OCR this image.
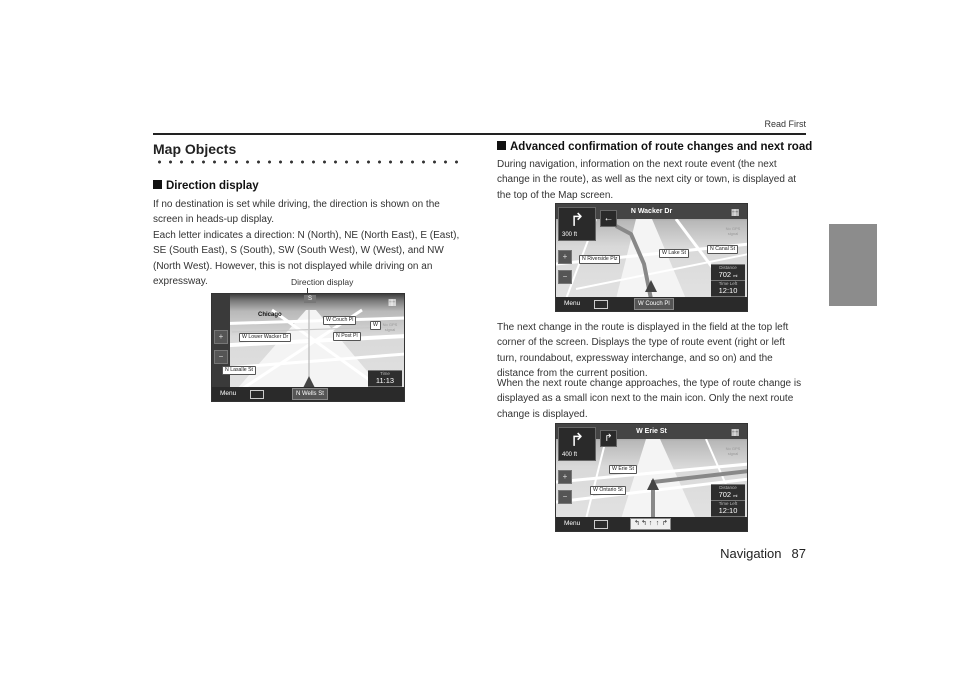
Read First
Map Objects
Direction display
If no destination is set while driving, the direction is shown on the screen in heads-up display.
Each letter indicates a direction: N (North), NE (North East), E (East), SE (South East), S (South), SW (South West), W (West), and NW (North West). However, this is not displayed while driving on an expressway.	Direction display
S
+
−
▦
No GPS signal
Chicago
W Couch Pl
W Lower Wacker Dr	N Post Pl
N Lasalle St
W
Time
11:13
Menu	N Wells St
Advanced confirmation of route changes and next road
During navigation, information on the next route event (the next change in the route), as well as the next city or town, is displayed at the top of the Map screen.
N Wacker Dr
↱
300 ft
←
+
−
▦
No GPS signal
N Canal St
W Lake St
N Riverside Plz
Distance
702 mi
Time Left
12:10
Menu	W Couch Pl
The next change in the route is displayed in the field at the top left corner of the screen. Displays the type of route event (right or left turn, roundabout, expressway interchange, and so on) and the distance from the current position.
When the next route change approaches, the type of route change is displayed as a small icon next to the main icon. Only the next route change is displayed.
W Erie St
↱
400 ft
↱
+
−
▦
No GPS signal
W Erie St
W Ontario St	Distance
702 mi
Time Left
12:10
Menu	↰ ↰ ↑ ↑ ↱
Navigation 87
